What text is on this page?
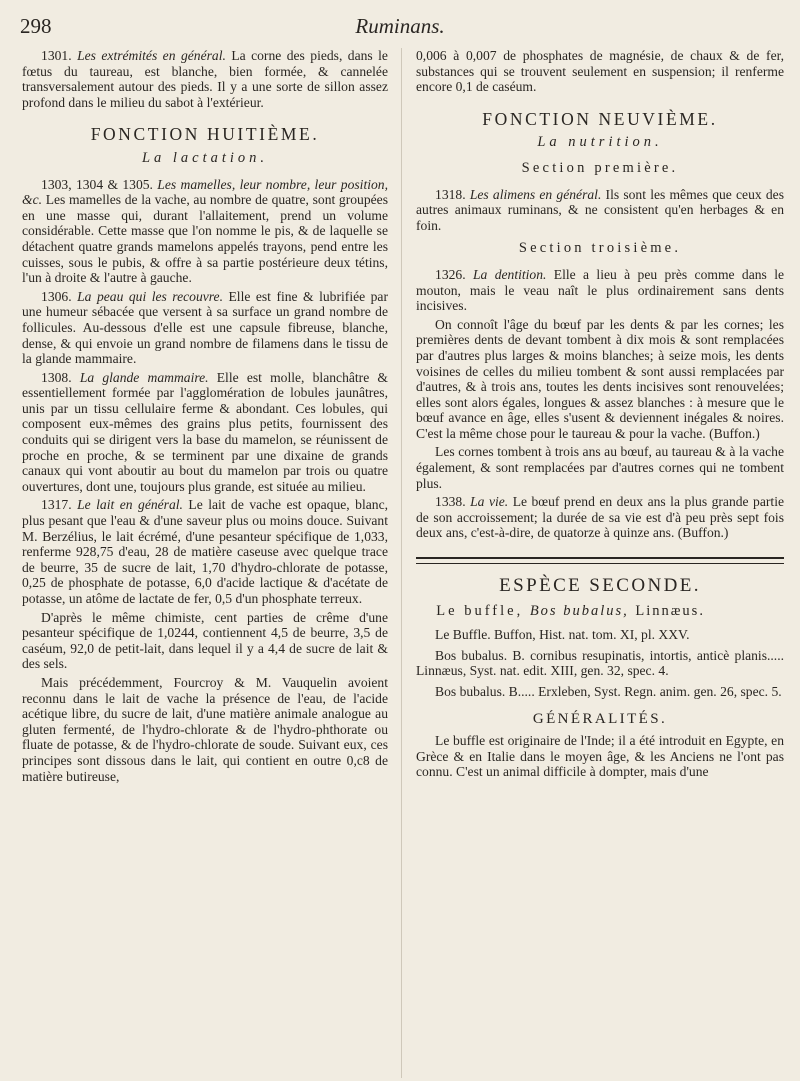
298	Ruminans.

1301. Les extrémités en général. La corne des pieds, dans le fœtus du taureau, est blanche, bien formée, & cannelée transversalement autour des pieds. Il y a une sorte de sillon assez profond dans le milieu du sabot à l'extérieur.

FONCTION HUITIÈME.
La lactation.

1303, 1304 & 1305. Les mamelles, leur nombre, leur position, &c. Les mamelles de la vache, au nombre de quatre, sont groupées en une masse qui, durant l'allaitement, prend un volume considérable. Cette masse que l'on nomme le pis, & de laquelle se détachent quatre grands mamelons appelés trayons, pend entre les cuisses, sous le pubis, & offre à sa partie postérieure deux tétins, l'un à droite & l'autre à gauche.

1306. La peau qui les recouvre. Elle est fine & lubrifiée par une humeur sébacée que versent à sa surface un grand nombre de follicules. Au-dessous d'elle est une capsule fibreuse, blanche, dense, & qui envoie un grand nombre de filamens dans le tissu de la glande mammaire.

1308. La glande mammaire. Elle est molle, blanchâtre & essentiellement formée par l'agglomération de lobules jaunâtres, unis par un tissu cellulaire ferme & abondant. Ces lobules, qui composent eux-mêmes des grains plus petits, fournissent des conduits qui se dirigent vers la base du mamelon, se réunissent de proche en proche, & se terminent par une dixaine de grands canaux qui vont aboutir au bout du mamelon par trois ou quatre ouvertures, dont une, toujours plus grande, est située au milieu.

1317. Le lait en général. Le lait de vache est opaque, blanc, plus pesant que l'eau & d'une saveur plus ou moins douce. Suivant M. Berzélius, le lait écrémé, d'une pesanteur spécifique de 1,033, renferme 928,75 d'eau, 28 de matière caseuse avec quelque trace de beurre, 35 de sucre de lait, 1,70 d'hydro-chlorate de potasse, 0,25 de phosphate de potasse, 6,0 d'acide lactique & d'acétate de potasse, un atôme de lactate de fer, 0,5 d'un phosphate terreux.

D'après le même chimiste, cent parties de crême d'une pesanteur spécifique de 1,0244, contiennent 4,5 de beurre, 3,5 de caséum, 92,0 de petit-lait, dans lequel il y a 4,4 de sucre de lait & des sels.

Mais précédemment, Fourcroy & M. Vauquelin avoient reconnu dans le lait de vache la présence de l'eau, de l'acide acétique libre, du sucre de lait, d'une matière animale analogue au gluten fermenté, de l'hydro-chlorate & de l'hydro-phthorate ou fluate de potasse, & de l'hydro-chlorate de soude. Suivant eux, ces principes sont dissous dans le lait, qui contient en outre 0,c8 de matière butireuse,

0,006 à 0,007 de phosphates de magnésie, de chaux & de fer, substances qui se trouvent seulement en suspension; il renferme encore 0,1 de caséum.

FONCTION NEUVIÈME.
La nutrition.
Section première.

1318. Les alimens en général. Ils sont les mêmes que ceux des autres animaux ruminans, & ne consistent qu'en herbages & en foin.

Section troisième.

1326. La dentition. Elle a lieu à peu près comme dans le mouton, mais le veau naît le plus ordinairement sans dents incisives.

On connoît l'âge du bœuf par les dents & par les cornes; les premières dents de devant tombent à dix mois & sont remplacées par d'autres plus larges & moins blanches; à seize mois, les dents voisines de celles du milieu tombent & sont aussi remplacées par d'autres, & à trois ans, toutes les dents incisives sont renouvelées; elles sont alors égales, longues & assez blanches : à mesure que le bœuf avance en âge, elles s'usent & deviennent inégales & noires. C'est la même chose pour le taureau & pour la vache. (Buffon.)

Les cornes tombent à trois ans au bœuf, au taureau & à la vache également, & sont remplacées par d'autres cornes qui ne tombent plus.

1338. La vie. Le bœuf prend en deux ans la plus grande partie de son accroissement; la durée de sa vie est d'à peu près sept fois deux ans, c'est-à-dire, de quatorze à quinze ans. (Buffon.)

ESPÈCE SECONDE.
Le buffle, Bos bubalus, Linnæus.

Le Buffle. Buffon, Hist. nat. tom. XI, pl. XXV.

Bos bubalus. B. cornibus resupinatis, intortis, anticè planis..... Linnæus, Syst. nat. edit. XIII, gen. 32, spec. 4.

Bos bubalus. B..... Erxleben, Syst. Regn. anim. gen. 26, spec. 5.

GÉNÉRALITÉS.

Le buffle est originaire de l'Inde; il a été introduit en Egypte, en Grèce & en Italie dans le moyen âge, & les Anciens ne l'ont pas connu. C'est un animal difficile à dompter, mais d'une
